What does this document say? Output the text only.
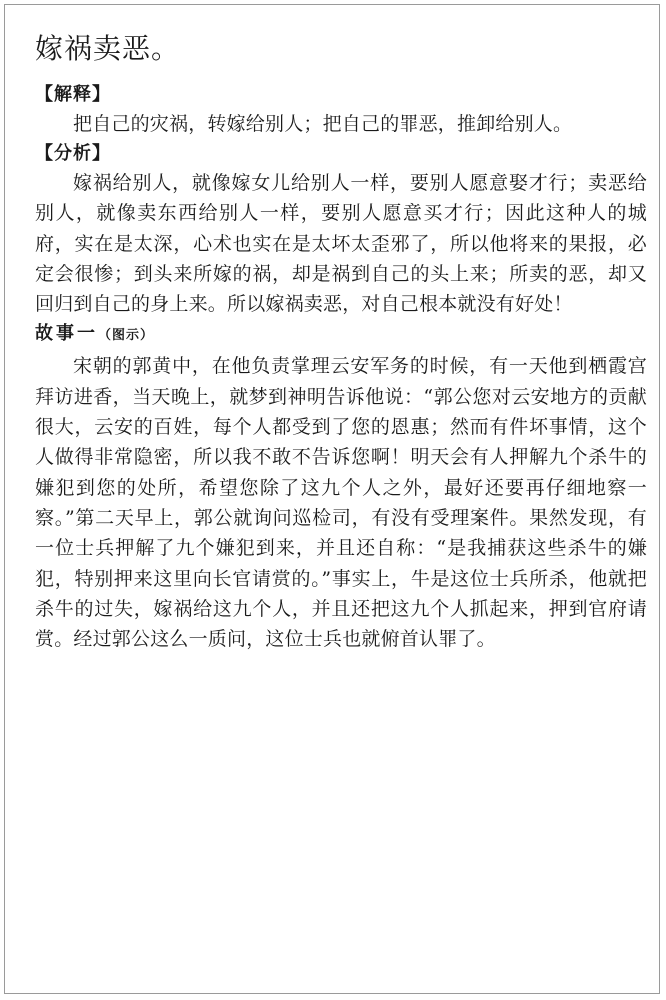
嫁祸卖恶。

【解释】

把自己的灾祸，转嫁给别人；把自己的罪恶，推卸给别人。

【分析】

嫁祸给别人，就像嫁女儿给别人一样，要别人愿意娶才行；卖恶给别人，就像卖东西给别人一样，要别人愿意买才行；因此这种人的城府，实在是太深，心术也实在是太坏太歪邪了，所以他将来的果报，必定会很惨；到头来所嫁的祸，却是祸到自己的头上来；所卖的恶，却又回归到自己的身上来。所以嫁祸卖恶，对自己根本就没有好处！

故事一（图示）

宋朝的郭黄中，在他负责掌理云安军务的时候，有一天他到栖霞宫拜访进香，当天晚上，就梦到神明告诉他说：“郭公您对云安地方的贡献很大，云安的百姓，每个人都受到了您的恩惠；然而有件坏事情，这个人做得非常隐密，所以我不敢不告诉您啊！明天会有人押解九个杀牛的嫌犯到您的处所，希望您除了这九个人之外，最好还要再仔细地察一察。”第二天早上，郭公就询问巡检司，有没有受理案件。果然发现，有一位士兵押解了九个嫌犯到来，并且还自称：“是我捕获这些杀牛的嫌犯，特别押来这里向长官请赏的。”事实上，牛是这位士兵所杀，他就把杀牛的过失，嫁祸给这九个人，并且还把这九个人抓起来，押到官府请赏。经过郭公这么一质问，这位士兵也就俯首认罪了。
